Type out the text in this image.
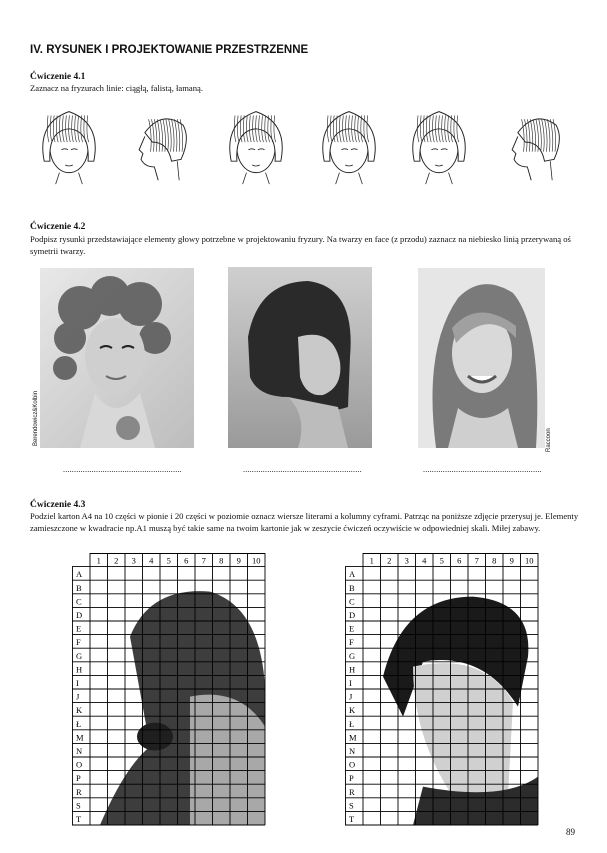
IV. RYSUNEK I PROJEKTOWANIE PRZESTRZENNE
Ćwiczenie 4.1
Zaznacz na fryzurach linie: ciągłą, falistą, łamaną.
Ćwiczenie 4.2
Podpisz rysunki przedstawiające elementy głowy potrzebne w projektowaniu fryzury. Na twarzy en face (z przodu) zaznacz na niebiesko linią przerywaną oś symetrii twarzy.
Berendowicz&Kolbin	Raccoon
......................................................	......................................................	......................................................
Ćwiczenie 4.3
Podziel karton A4 na 10 części w pionie i 20 części w poziomie oznacz wiersze literami a kolumny cyframi. Patrząc na poniższe zdjęcie przerysuj je. Elementy zamieszczone w kwadracie np.A1 muszą być takie same na twoim kartonie jak w zeszycie ćwiczeń oczywiście w odpowiedniej skali. Miłej zabawy.
1 2 3 4 5 6 7 8 9 10
A
B
C
D
E
F
G
H
I
J
K
Ł
M
N
O
P
R
S
T
1 2 3 4 5 6 7 8 9 10
A
B
C
D
E
F
G
H
I
J
K
Ł
M
N
O
P
R
S
T
89
